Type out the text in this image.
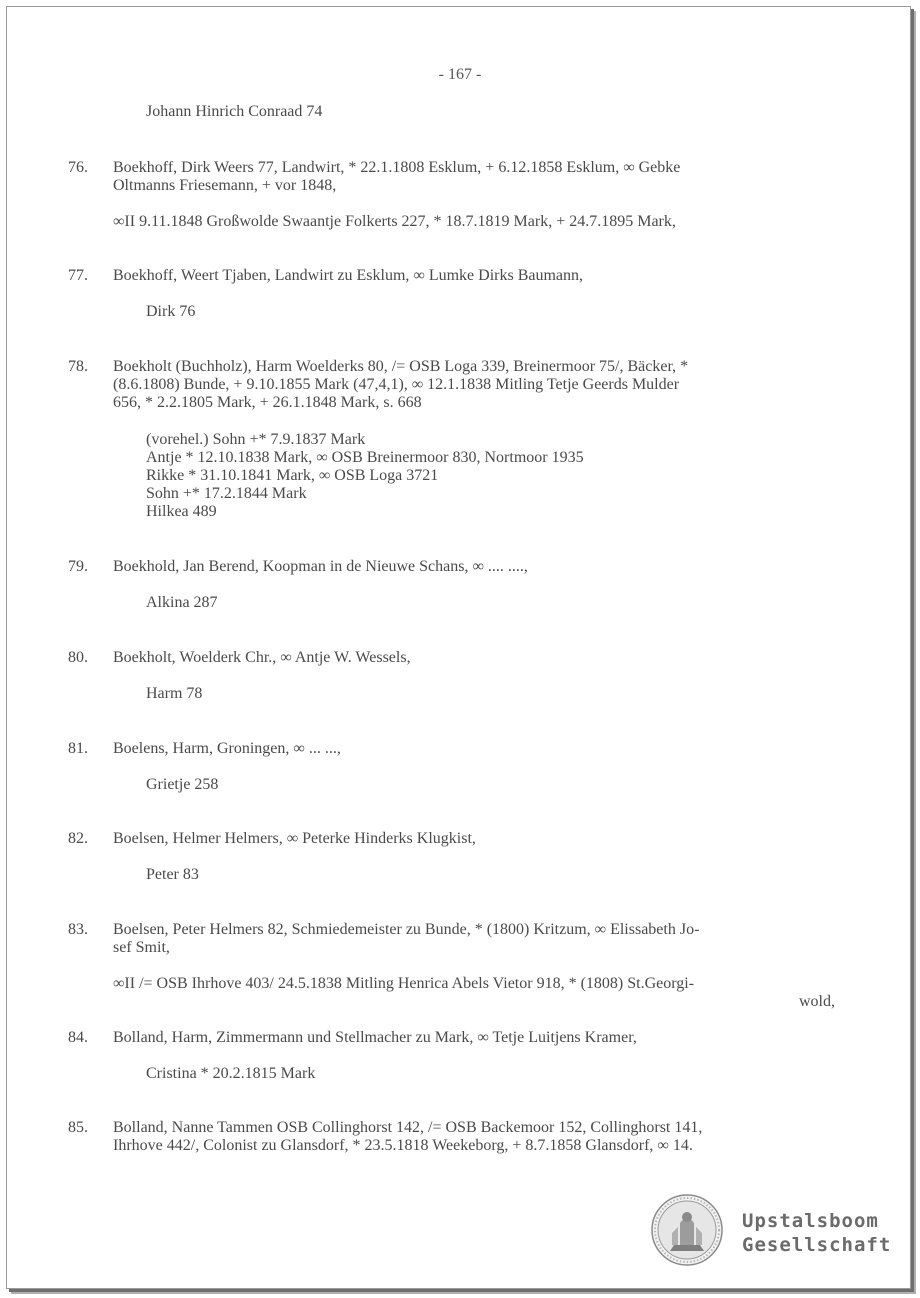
- 167 -
Johann Hinrich Conraad 74
76. Boekhoff, Dirk Weers 77, Landwirt, * 22.1.1808 Esklum, + 6.12.1858 Esklum, ∞ Gebke
Oltmanns Friesemann, + vor 1848,
∞II 9.11.1848 Großwolde Swaantje Folkerts 227, * 18.7.1819 Mark, + 24.7.1895 Mark,
77. Boekhoff, Weert Tjaben, Landwirt zu Esklum, ∞ Lumke Dirks Baumann,
Dirk 76
78. Boekholt (Buchholz), Harm Woelderks 80, /= OSB Loga 339, Breinermoor 75/, Bäcker, *
(8.6.1808) Bunde, + 9.10.1855 Mark (47,4,1), ∞ 12.1.1838 Mitling Tetje Geerds Mulder
656, * 2.2.1805 Mark, + 26.1.1848 Mark, s. 668
(vorehel.) Sohn +* 7.9.1837 Mark
Antje * 12.10.1838 Mark, ∞ OSB Breinermoor 830, Nortmoor 1935
Rikke * 31.10.1841 Mark, ∞ OSB Loga 3721
Sohn +* 17.2.1844 Mark
Hilkea 489
79. Boekhold, Jan Berend, Koopman in de Nieuwe Schans, ∞ .... ....,
Alkina 287
80. Boekholt, Woelderk Chr., ∞ Antje W. Wessels,
Harm 78
81. Boelens, Harm, Groningen, ∞ ... ...,
Grietje 258
82. Boelsen, Helmer Helmers, ∞ Peterke Hinderks Klugkist,
Peter 83
83. Boelsen, Peter Helmers 82, Schmiedemeister zu Bunde, * (1800) Kritzum, ∞ Elissabeth Jo-
sef Smit,
∞II /= OSB Ihrhove 403/ 24.5.1838 Mitling Henrica Abels Vietor 918, * (1808) St.Georgi-
wold,
84. Bolland, Harm, Zimmermann und Stellmacher zu Mark, ∞ Tetje Luitjens Kramer,
Cristina * 20.2.1815 Mark
85. Bolland, Nanne Tammen OSB Collinghorst 142, /= OSB Backemoor 152, Collinghorst 141,
Ihrhove 442/, Colonist zu Glansdorf, * 23.5.1818 Weekeborg, + 8.7.1858 Glansdorf, ∞ 14.
Upstalsboom
Gesellschaft
